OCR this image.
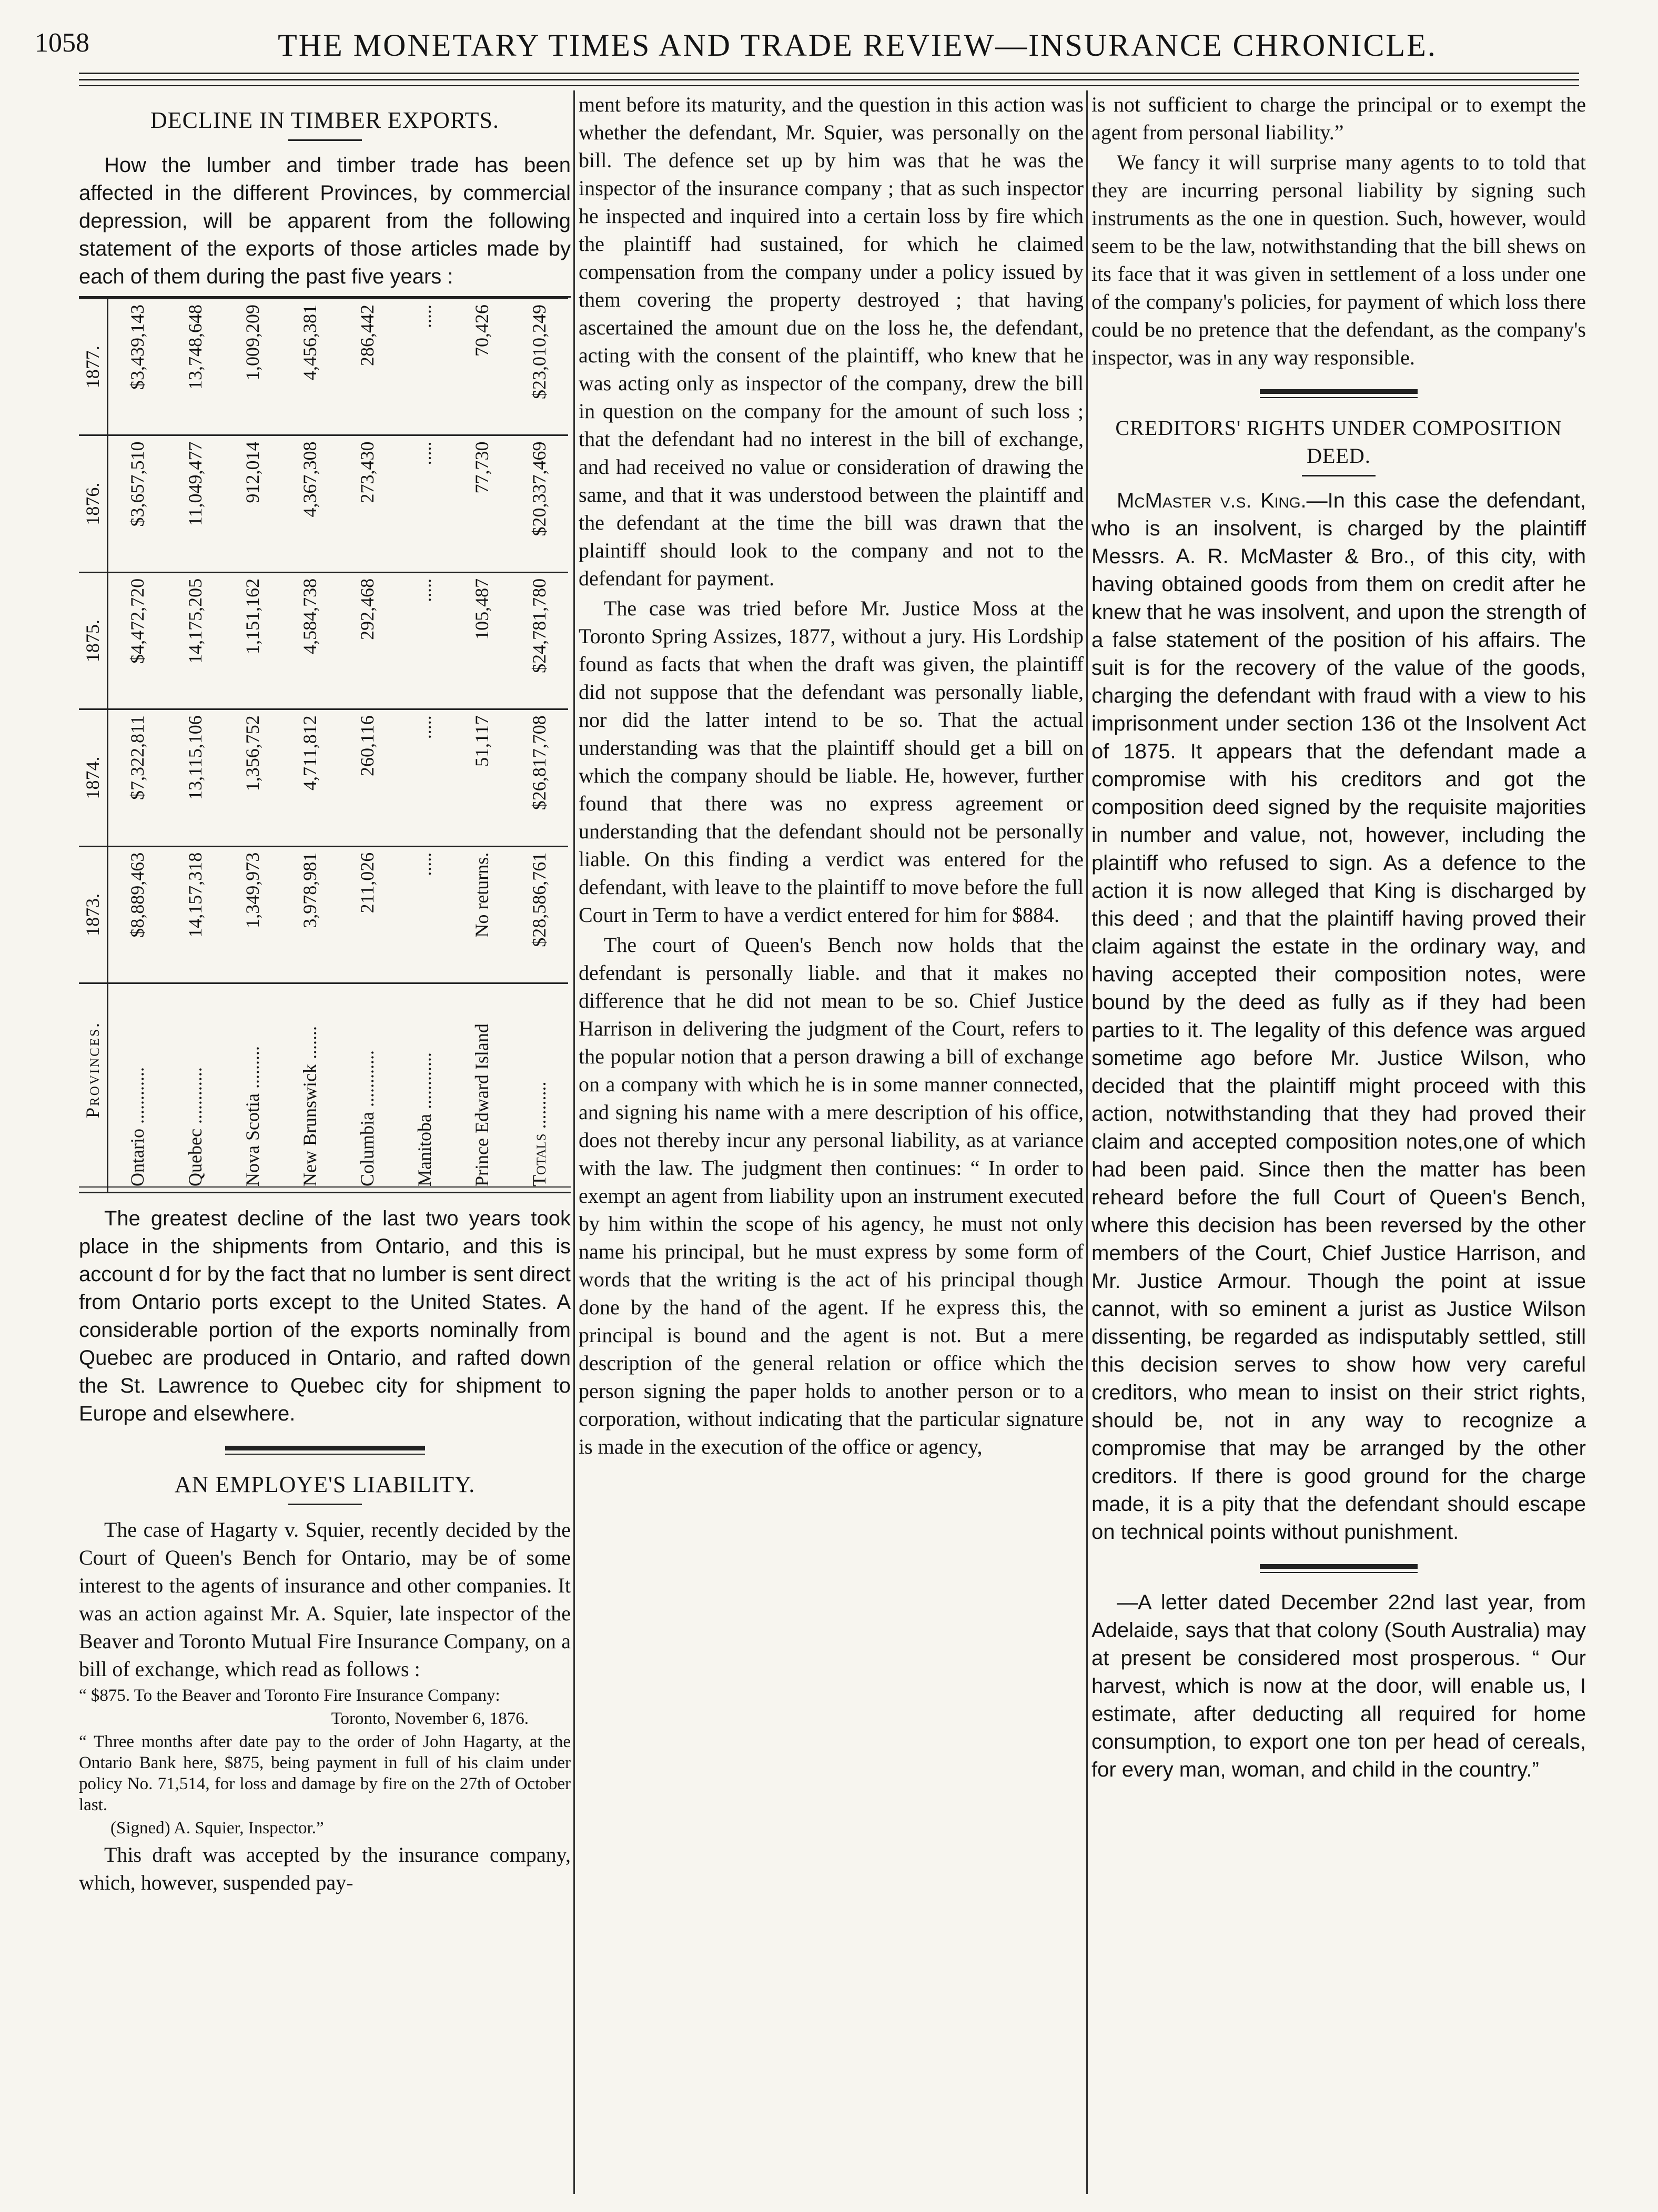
1058	THE MONETARY TIMES AND TRADE REVIEW—INSURANCE CHRONICLE.
DECLINE IN TIMBER EXPORTS.

How the lumber and timber trade has been affected in the different Provinces, by commercial depression, will be apparent from the following statement of the exports of those articles made by each of them during the past five years :

Provinces.	1873.	1874.	1875.	1876.	1877.
Ontario ............	$8,889,463	$7,322,811	$4,472,720	$3,657,510	$3,439,143
Quebec ............	14,157,318	13,115,106	14,175,205	11,049,477	13,748,648
Nova Scotia .........	1,349,973	1,356,752	1,151,162	912,014	1,009,209
New Brunswick .......	3,978,981	4,711,812	4,584,738	4,367,308	4,456,381
Columbia ............	211,026	260,116	292,468	273,430	286,442
Manitoba ............	.....	.....	.....	.....	.....
Prince Edward Island	No returns.	51,117	105,487	77,730	70,426
Totals ..........	$28,586,761	$26,817,708	$24,781,780	$20,337,469	$23,010,249

The greatest decline of the last two years took place in the shipments from Ontario, and this is account d for by the fact that no lumber is sent direct from Ontario ports except to the United States. A considerable portion of the exports nominally from Quebec are produced in Ontario, and rafted down the St. Lawrence to Quebec city for shipment to Europe and elsewhere.

AN EMPLOYE'S LIABILITY.

The case of Hagarty v. Squier, recently decided by the Court of Queen's Bench for Ontario, may be of some interest to the agents of insurance and other companies. It was an action against Mr. A. Squier, late inspector of the Beaver and Toronto Mutual Fire Insurance Company, on a bill of exchange, which read as follows :

“ $875. To the Beaver and Toronto Fire Insurance Company:

Toronto, November 6, 1876.

“ Three months after date pay to the order of John Hagarty, at the Ontario Bank here, $875, being payment in full of his claim under policy No. 71,514, for loss and damage by fire on the 27th of October last.

(Signed) A. Squier, Inspector.”

This draft was accepted by the insurance company, which, however, suspended pay-

ment before its maturity, and the question in this action was whether the defendant, Mr. Squier, was personally on the bill. The defence set up by him was that he was the inspector of the insurance company ; that as such inspector he inspected and inquired into a certain loss by fire which the plaintiff had sustained, for which he claimed compensation from the company under a policy issued by them covering the property destroyed ; that having ascertained the amount due on the loss he, the defendant, acting with the consent of the plaintiff, who knew that he was acting only as inspector of the company, drew the bill in question on the company for the amount of such loss ; that the defendant had no interest in the bill of exchange, and had received no value or consideration of drawing the same, and that it was understood between the plaintiff and the defendant at the time the bill was drawn that the plaintiff should look to the company and not to the defendant for payment.

The case was tried before Mr. Justice Moss at the Toronto Spring Assizes, 1877, without a jury. His Lordship found as facts that when the draft was given, the plaintiff did not suppose that the defendant was personally liable, nor did the latter intend to be so. That the actual understanding was that the plaintiff should get a bill on which the company should be liable. He, however, further found that there was no express agreement or understanding that the defendant should not be personally liable. On this finding a verdict was entered for the defendant, with leave to the plaintiff to move before the full Court in Term to have a verdict entered for him for $884.

The court of Queen's Bench now holds that the defendant is personally liable. and that it makes no difference that he did not mean to be so. Chief Justice Harrison in delivering the judgment of the Court, refers to the popular notion that a person drawing a bill of exchange on a company with which he is in some manner connected, and signing his name with a mere description of his office, does not thereby incur any personal liability, as at variance with the law. The judgment then continues: “ In order to exempt an agent from liability upon an instrument executed by him within the scope of his agency, he must not only name his principal, but he must express by some form of words that the writing is the act of his principal though done by the hand of the agent. If he express this, the principal is bound and the agent is not. But a mere description of the general relation or office which the person signing the paper holds to another person or to a corporation, without indicating that the particular signature is made in the execution of the office or agency,

is not sufficient to charge the principal or to exempt the agent from personal liability.”

We fancy it will surprise many agents to to told that they are incurring personal liability by signing such instruments as the one in question. Such, however, would seem to be the law, notwithstanding that the bill shews on its face that it was given in settlement of a loss under one of the company's policies, for payment of which loss there could be no pretence that the defendant, as the company's inspector, was in any way responsible.

CREDITORS' RIGHTS UNDER COMPOSITION DEED.

McMaster v.s. King.—In this case the defendant, who is an insolvent, is charged by the plaintiff Messrs. A. R. McMaster & Bro., of this city, with having obtained goods from them on credit after he knew that he was insolvent, and upon the strength of a false statement of the position of his affairs. The suit is for the recovery of the value of the goods, charging the defendant with fraud with a view to his imprisonment under section 136 ot the Insolvent Act of 1875. It appears that the defendant made a compromise with his creditors and got the composition deed signed by the requisite majorities in number and value, not, however, including the plaintiff who refused to sign. As a defence to the action it is now alleged that King is discharged by this deed ; and that the plaintiff having proved their claim against the estate in the ordinary way, and having accepted their composition notes, were bound by the deed as fully as if they had been parties to it. The legality of this defence was argued sometime ago before Mr. Justice Wilson, who decided that the plaintiff might proceed with this action, notwithstanding that they had proved their claim and accepted composition notes,one of which had been paid. Since then the matter has been reheard before the full Court of Queen's Bench, where this decision has been reversed by the other members of the Court, Chief Justice Harrison, and Mr. Justice Armour. Though the point at issue cannot, with so eminent a jurist as Justice Wilson dissenting, be regarded as indisputably settled, still this decision serves to show how very careful creditors, who mean to insist on their strict rights, should be, not in any way to recognize a compromise that may be arranged by the other creditors. If there is good ground for the charge made, it is a pity that the defendant should escape on technical points without punishment.

—A letter dated December 22nd last year, from Adelaide, says that that colony (South Australia) may at present be considered most prosperous. “ Our harvest, which is now at the door, will enable us, I estimate, after deducting all required for home consumption, to export one ton per head of cereals, for every man, woman, and child in the country.”
